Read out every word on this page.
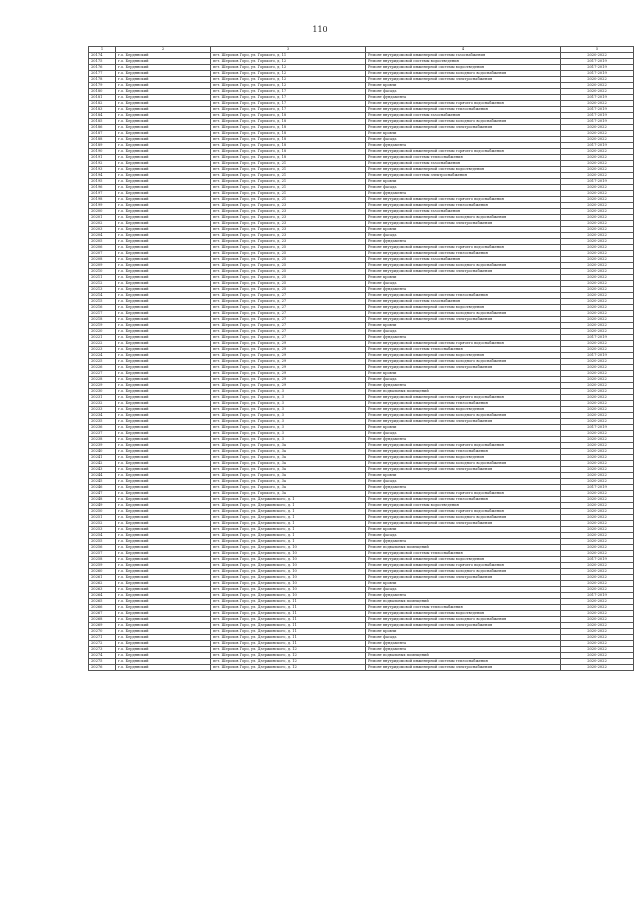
110
1	2	3	4	5
20174	г.о. Бердянский	пгт. Шерохов Горо, ул. Горького, д. 11	Ремонт внутридомовой инженерной системы газоснабжения	2020-2022
20175	г.о. Бердянский	пгт. Шерохов Горо, ул. Горького, д. 12	Ремонт внутридомовой системы водоотведения	2017-2019
20176	г.о. Бердянский	пгт. Шерохов Горо, ул. Горького, д. 12	Ремонт внутридомовой инженерной системы водоотведения	2017-2019
20177	г.о. Бердянский	пгт. Шерохов Горо, ул. Горького, д. 12	Ремонт внутридомовой инженерной системы холодного водоснабжения	2017-2019
20178	г.о. Бердянский	пгт. Шерохов Горо, ул. Горького, д. 12	Ремонт внутридомовой инженерной системы электроснабжения	2020-2022
20179	г.о. Бердянский	пгт. Шерохов Горо, ул. Горького, д. 12	Ремонт кровли	2020-2022
20180	г.о. Бердянский	пгт. Шерохов Горо, ул. Горького, д. 17	Ремонт фасада	2020-2022
20181	г.о. Бердянский	пгт. Шерохов Горо, ул. Горького, д. 17	Ремонт фундамента	2017-2019
20182	г.о. Бердянский	пгт. Шерохов Горо, ул. Горького, д. 17	Ремонт внутридомовой инженерной системы горячего водоснабжения	2020-2022
20183	г.о. Бердянский	пгт. Шерохов Горо, ул. Горького, д. 17	Ремонт внутридомовой инженерной системы теплоснабжения	2017-2019
20184	г.о. Бердянский	пгт. Шерохов Горо, ул. Горького, д. 18	Ремонт внутридомовой системы газоснабжения	2017-2019
20185	г.о. Бердянский	пгт. Шерохов Горо, ул. Горького, д. 18	Ремонт внутридомовой инженерной системы холодного водоснабжения	2017-2019
20186	г.о. Бердянский	пгт. Шерохов Горо, ул. Горького, д. 18	Ремонт внутридомовой инженерной системы электроснабжения	2020-2022
20187	г.о. Бердянский	пгт. Шерохов Горо, ул. Горького, д. 18	Ремонт кровли	2020-2022
20188	г.о. Бердянский	пгт. Шерохов Горо, ул. Горького, д. 18	Ремонт фасада	2020-2022
20189	г.о. Бердянский	пгт. Шерохов Горо, ул. Горького, д. 18	Ремонт фундамента	2017-2019
20190	г.о. Бердянский	пгт. Шерохов Горо, ул. Горького, д. 18	Ремонт внутридомовой инженерной системы горячего водоснабжения	2020-2022
20191	г.о. Бердянский	пгт. Шерохов Горо, ул. Горького, д. 18	Ремонт внутридомовой системы теплоснабжения	2020-2022
20192	г.о. Бердянский	пгт. Шерохов Горо, ул. Горького, д. 21	Ремонт внутридомовой системы газоснабжения	2020-2022
20193	г.о. Бердянский	пгт. Шерохов Горо, ул. Горького, д. 21	Ремонт внутридомовой инженерной системы водоотведения	2020-2022
20194	г.о. Бердянский	пгт. Шерохов Горо, ул. Горького, д. 21	Ремонт внутридомовой системы электроснабжения	2020-2022
20195	г.о. Бердянский	пгт. Шерохов Горо, ул. Горького, д. 21	Ремонт кровли	2017-2019
20196	г.о. Бердянский	пгт. Шерохов Горо, ул. Горького, д. 21	Ремонт фасада	2020-2022
20197	г.о. Бердянский	пгт. Шерохов Горо, ул. Горького, д. 21	Ремонт фундамента	2020-2022
20198	г.о. Бердянский	пгт. Шерохов Горо, ул. Горького, д. 21	Ремонт внутридомовой инженерной системы горячего водоснабжения	2020-2022
20199	г.о. Бердянский	пгт. Шерохов Горо, ул. Горького, д. 23	Ремонт внутридомовой инженерной системы теплоснабжения	2020-2022
20200	г.о. Бердянский	пгт. Шерохов Горо, ул. Горького, д. 23	Ремонт внутридомовой системы газоснабжения	2020-2022
20201	г.о. Бердянский	пгт. Шерохов Горо, ул. Горького, д. 23	Ремонт внутридомовой инженерной системы холодного водоснабжения	2020-2022
20202	г.о. Бердянский	пгт. Шерохов Горо, ул. Горького, д. 23	Ремонт внутридомовой инженерной системы электроснабжения	2020-2022
20203	г.о. Бердянский	пгт. Шерохов Горо, ул. Горького, д. 23	Ремонт кровли	2020-2022
20204	г.о. Бердянский	пгт. Шерохов Горо, ул. Горького, д. 23	Ремонт фасада	2020-2022
20205	г.о. Бердянский	пгт. Шерохов Горо, ул. Горького, д. 23	Ремонт фундамента	2020-2022
20206	г.о. Бердянский	пгт. Шерохов Горо, ул. Горького, д. 25	Ремонт внутридомовой инженерной системы горячего водоснабжения	2020-2022
20207	г.о. Бердянский	пгт. Шерохов Горо, ул. Горького, д. 25	Ремонт внутридомовой инженерной системы теплоснабжения	2020-2022
20208	г.о. Бердянский	пгт. Шерохов Горо, ул. Горького, д. 25	Ремонт внутридомовой системы газоснабжения	2020-2022
20209	г.о. Бердянский	пгт. Шерохов Горо, ул. Горького, д. 25	Ремонт внутридомовой инженерной системы холодного водоснабжения	2020-2022
20210	г.о. Бердянский	пгт. Шерохов Горо, ул. Горького, д. 25	Ремонт внутридомовой инженерной системы электроснабжения	2020-2022
20211	г.о. Бердянский	пгт. Шерохов Горо, ул. Горького, д. 25	Ремонт кровли	2020-2022
20212	г.о. Бердянский	пгт. Шерохов Горо, ул. Горького, д. 25	Ремонт фасада	2020-2022
20213	г.о. Бердянский	пгт. Шерохов Горо, ул. Горького, д. 25	Ремонт фундамента	2020-2022
20214	г.о. Бердянский	пгт. Шерохов Горо, ул. Горького, д. 27	Ремонт внутридомовой инженерной системы теплоснабжения	2020-2022
20215	г.о. Бердянский	пгт. Шерохов Горо, ул. Горького, д. 27	Ремонт внутридомовой системы газоснабжения	2020-2022
20216	г.о. Бердянский	пгт. Шерохов Горо, ул. Горького, д. 27	Ремонт внутридомовой инженерной системы водоотведения	2020-2022
20217	г.о. Бердянский	пгт. Шерохов Горо, ул. Горького, д. 27	Ремонт внутридомовой инженерной системы холодного водоснабжения	2020-2022
20218	г.о. Бердянский	пгт. Шерохов Горо, ул. Горького, д. 27	Ремонт внутридомовой инженерной системы электроснабжения	2020-2022
20219	г.о. Бердянский	пгт. Шерохов Горо, ул. Горького, д. 27	Ремонт кровли	2020-2022
20220	г.о. Бердянский	пгт. Шерохов Горо, ул. Горького, д. 27	Ремонт фасада	2020-2022
20221	г.о. Бердянский	пгт. Шерохов Горо, ул. Горького, д. 27	Ремонт фундамента	2017-2019
20222	г.о. Бердянский	пгт. Шерохов Горо, ул. Горького, д. 29	Ремонт внутридомовой инженерной системы горячего водоснабжения	2020-2022
20223	г.о. Бердянский	пгт. Шерохов Горо, ул. Горького, д. 29	Ремонт внутридомовой системы теплоснабжения	2020-2022
20224	г.о. Бердянский	пгт. Шерохов Горо, ул. Горького, д. 29	Ремонт внутридомовой инженерной системы водоотведения	2017-2019
20225	г.о. Бердянский	пгт. Шерохов Горо, ул. Горького, д. 29	Ремонт внутридомовой инженерной системы холодного водоснабжения	2020-2022
20226	г.о. Бердянский	пгт. Шерохов Горо, ул. Горького, д. 29	Ремонт внутридомовой инженерной системы электроснабжения	2020-2022
20227	г.о. Бердянский	пгт. Шерохов Горо, ул. Горького, д. 29	Ремонт кровли	2020-2022
20228	г.о. Бердянский	пгт. Шерохов Горо, ул. Горького, д. 29	Ремонт фасада	2020-2022
20229	г.о. Бердянский	пгт. Шерохов Горо, ул. Горького, д. 29	Ремонт фундамента	2020-2022
20230	г.о. Бердянский	пгт. Шерохов Горо, ул. Горького, д. 3	Ремонт подвальных помещений	2020-2022
20231	г.о. Бердянский	пгт. Шерохов Горо, ул. Горького, д. 3	Ремонт внутридомовой инженерной системы горячего водоснабжения	2020-2022
20232	г.о. Бердянский	пгт. Шерохов Горо, ул. Горького, д. 3	Ремонт внутридомовой инженерной системы теплоснабжения	2020-2022
20233	г.о. Бердянский	пгт. Шерохов Горо, ул. Горького, д. 3	Ремонт внутридомовой инженерной системы водоотведения	2020-2022
20234	г.о. Бердянский	пгт. Шерохов Горо, ул. Горького, д. 3	Ремонт внутридомовой инженерной системы холодного водоснабжения	2020-2022
20235	г.о. Бердянский	пгт. Шерохов Горо, ул. Горького, д. 3	Ремонт внутридомовой инженерной системы электроснабжения	2020-2022
20236	г.о. Бердянский	пгт. Шерохов Горо, ул. Горького, д. 3	Ремонт кровли	2017-2019
20237	г.о. Бердянский	пгт. Шерохов Горо, ул. Горького, д. 3	Ремонт фасада	2020-2022
20238	г.о. Бердянский	пгт. Шерохов Горо, ул. Горького, д. 3	Ремонт фундамента	2020-2022
20239	г.о. Бердянский	пгт. Шерохов Горо, ул. Горького, д. 3а	Ремонт внутридомовой инженерной системы горячего водоснабжения	2020-2022
20240	г.о. Бердянский	пгт. Шерохов Горо, ул. Горького, д. 3а	Ремонт внутридомовой инженерной системы теплоснабжения	2020-2022
20241	г.о. Бердянский	пгт. Шерохов Горо, ул. Горького, д. 3а	Ремонт внутридомовой инженерной системы водоотведения	2020-2022
20242	г.о. Бердянский	пгт. Шерохов Горо, ул. Горького, д. 3а	Ремонт внутридомовой инженерной системы холодного водоснабжения	2020-2022
20243	г.о. Бердянский	пгт. Шерохов Горо, ул. Горького, д. 3а	Ремонт внутридомовой инженерной системы электроснабжения	2020-2022
20244	г.о. Бердянский	пгт. Шерохов Горо, ул. Горького, д. 3а	Ремонт кровли	2020-2022
20245	г.о. Бердянский	пгт. Шерохов Горо, ул. Горького, д. 3а	Ремонт фасада	2020-2022
20246	г.о. Бердянский	пгт. Шерохов Горо, ул. Горького, д. 3а	Ремонт фундамента	2017-2019
20247	г.о. Бердянский	пгт. Шерохов Горо, ул. Горького, д. 3а	Ремонт внутридомовой инженерной системы горячего водоснабжения	2020-2022
20248	г.о. Бердянский	пгт. Шерохов Горо, ул. Дзержинского, д. 1	Ремонт внутридомовой инженерной системы теплоснабжения	2020-2022
20249	г.о. Бердянский	пгт. Шерохов Горо, ул. Дзержинского, д. 1	Ремонт внутридомовой системы водоотведения	2020-2022
20250	г.о. Бердянский	пгт. Шерохов Горо, ул. Дзержинского, д. 1	Ремонт внутридомовой инженерной системы горячего водоснабжения	2020-2022
20251	г.о. Бердянский	пгт. Шерохов Горо, ул. Дзержинского, д. 1	Ремонт внутридомовой инженерной системы холодного водоснабжения	2020-2022
20252	г.о. Бердянский	пгт. Шерохов Горо, ул. Дзержинского, д. 1	Ремонт внутридомовой инженерной системы электроснабжения	2020-2022
20253	г.о. Бердянский	пгт. Шерохов Горо, ул. Дзержинского, д. 1	Ремонт кровли	2020-2022
20254	г.о. Бердянский	пгт. Шерохов Горо, ул. Дзержинского, д. 1	Ремонт фасада	2020-2022
20255	г.о. Бердянский	пгт. Шерохов Горо, ул. Дзержинского, д. 1	Ремонт фундамента	2020-2022
20256	г.о. Бердянский	пгт. Шерохов Горо, ул. Дзержинского, д. 10	Ремонт подвальных помещений	2020-2022
20257	г.о. Бердянский	пгт. Шерохов Горо, ул. Дзержинского, д. 10	Ремонт внутридомовой системы теплоснабжения	2020-2022
20258	г.о. Бердянский	пгт. Шерохов Горо, ул. Дзержинского, д. 10	Ремонт внутридомовой инженерной системы водоотведения	2017-2019
20259	г.о. Бердянский	пгт. Шерохов Горо, ул. Дзержинского, д. 10	Ремонт внутридомовой инженерной системы горячего водоснабжения	2020-2022
20260	г.о. Бердянский	пгт. Шерохов Горо, ул. Дзержинского, д. 10	Ремонт внутридомовой инженерной системы холодного водоснабжения	2020-2022
20261	г.о. Бердянский	пгт. Шерохов Горо, ул. Дзержинского, д. 10	Ремонт внутридомовой инженерной системы электроснабжения	2020-2022
20262	г.о. Бердянский	пгт. Шерохов Горо, ул. Дзержинского, д. 10	Ремонт кровли	2020-2022
20263	г.о. Бердянский	пгт. Шерохов Горо, ул. Дзержинского, д. 10	Ремонт фасада	2020-2022
20264	г.о. Бердянский	пгт. Шерохов Горо, ул. Дзержинского, д. 10	Ремонт фундамента	2017-2019
20265	г.о. Бердянский	пгт. Шерохов Горо, ул. Дзержинского, д. 11	Ремонт подвальных помещений	2020-2022
20266	г.о. Бердянский	пгт. Шерохов Горо, ул. Дзержинского, д. 11	Ремонт внутридомовой системы теплоснабжения	2020-2022
20267	г.о. Бердянский	пгт. Шерохов Горо, ул. Дзержинского, д. 11	Ремонт внутридомовой инженерной системы водоотведения	2020-2022
20268	г.о. Бердянский	пгт. Шерохов Горо, ул. Дзержинского, д. 11	Ремонт внутридомовой инженерной системы холодного водоснабжения	2020-2022
20269	г.о. Бердянский	пгт. Шерохов Горо, ул. Дзержинского, д. 11	Ремонт внутридомовой инженерной системы электроснабжения	2020-2022
20270	г.о. Бердянский	пгт. Шерохов Горо, ул. Дзержинского, д. 11	Ремонт кровли	2020-2022
20271	г.о. Бердянский	пгт. Шерохов Горо, ул. Дзержинского, д. 11	Ремонт фасада	2020-2022
20272	г.о. Бердянский	пгт. Шерохов Горо, ул. Дзержинского, д. 11	Ремонт фундамента	2020-2022
20273	г.о. Бердянский	пгт. Шерохов Горо, ул. Дзержинского, д. 12	Ремонт фундамента	2020-2022
20274	г.о. Бердянский	пгт. Шерохов Горо, ул. Дзержинского, д. 12	Ремонт подвальных помещений	2020-2022
20275	г.о. Бердянский	пгт. Шерохов Горо, ул. Дзержинского, д. 12	Ремонт внутридомовой инженерной системы теплоснабжения	2020-2022
20276	г.о. Бердянский	пгт. Шерохов Горо, ул. Дзержинского, д. 12	Ремонт внутридомовой инженерной системы электроснабжения	2020-2022
